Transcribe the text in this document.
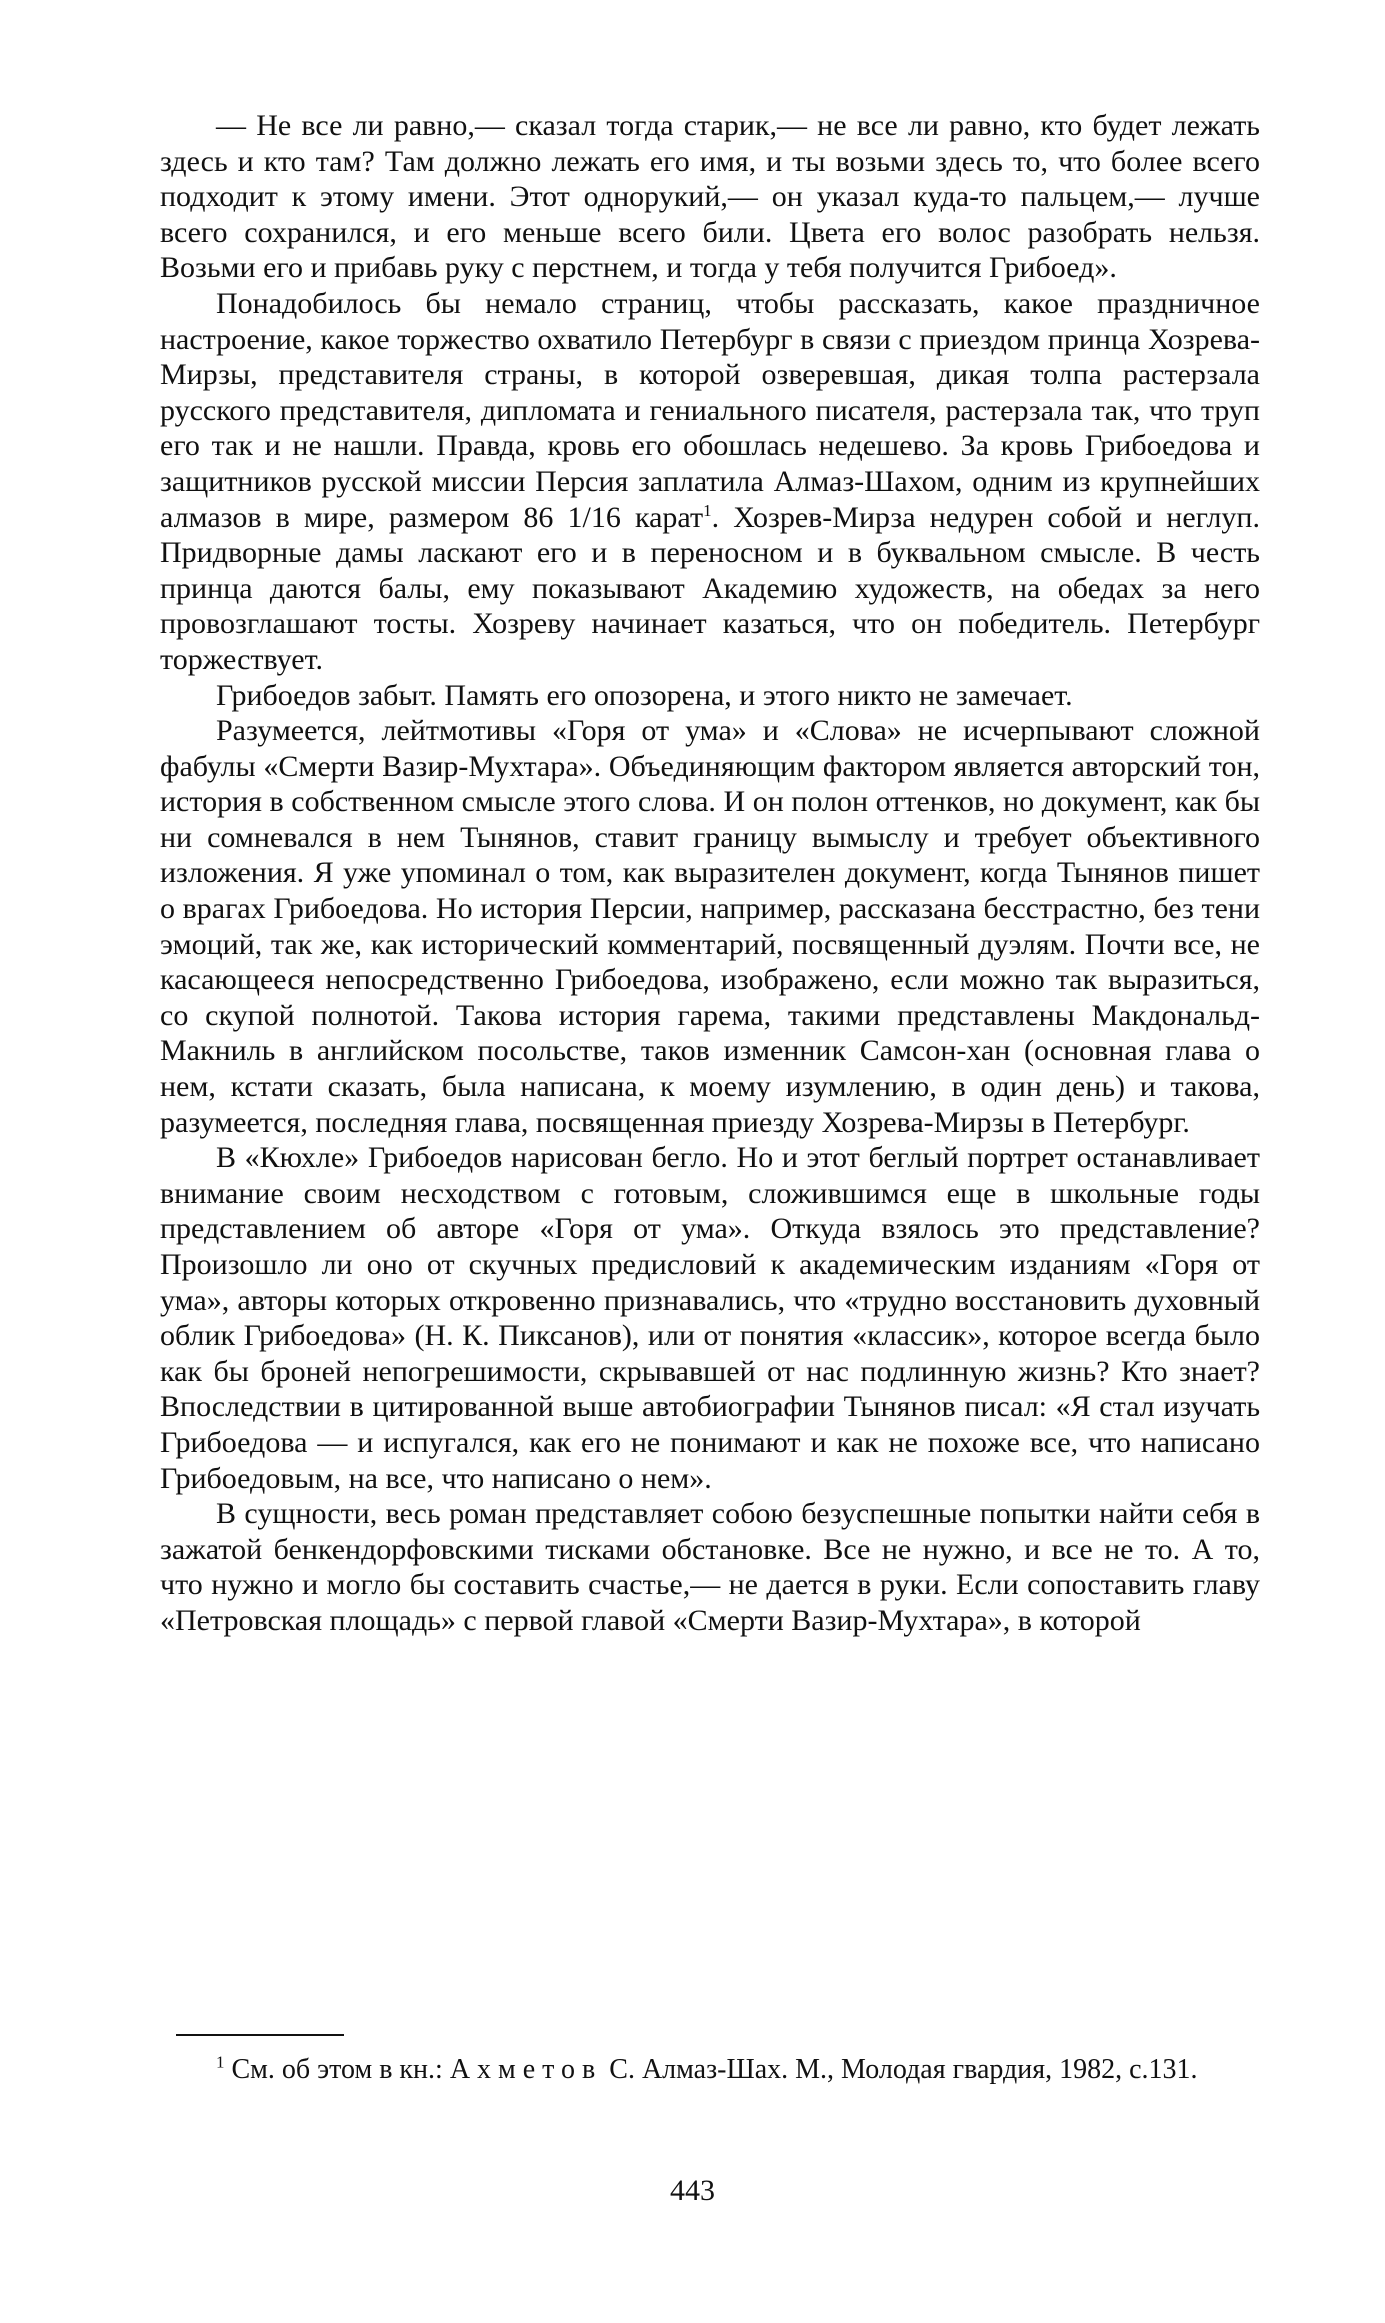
— Не все ли равно,— сказал тогда старик,— не все ли равно, кто будет лежать здесь и кто там? Там должно лежать его имя, и ты возьми здесь то, что более всего подходит к этому имени. Этот однорукий,— он указал куда-то пальцем,— лучше всего сохранился, и его меньше всего били. Цвета его волос разобрать нельзя. Возьми его и прибавь руку с перстнем, и тогда у тебя получится Грибоед».

Понадобилось бы немало страниц, чтобы рассказать, какое праздничное настроение, какое торжество охватило Петербург в связи с приездом принца Хозрева-Мирзы, представителя страны, в которой озверевшая, дикая толпа растерзала русского представителя, дипломата и гениального писателя, растерзала так, что труп его так и не нашли. Правда, кровь его обошлась недешево. За кровь Грибоедова и защитников русской миссии Персия заплатила Алмаз-Шахом, одним из крупнейших алмазов в мире, размером 86 1/16 карат$^1$. Хозрев-Мирза недурен собой и неглуп. Придворные дамы ласкают его и в переносном и в буквальном смысле. В честь принца даются балы, ему показывают Академию художеств, на обедах за него провозглашают тосты. Хозреву начинает казаться, что он победитель. Петербург торжествует.

Грибоедов забыт. Память его опозорена, и этого никто не замечает.

Разумеется, лейтмотивы «Горя от ума» и «Слова» не исчерпывают сложной фабулы «Смерти Вазир-Мухтара». Объединяющим фактором является авторский тон, история в собственном смысле этого слова. И он полон оттенков, но документ, как бы ни сомневался в нем Тынянов, ставит границу вымыслу и требует объективного изложения. Я уже упоминал о том, как выразителен документ, когда Тынянов пишет о врагах Грибоедова. Но история Персии, например, рассказана бесстрастно, без тени эмоций, так же, как исторический комментарий, посвященный дуэлям. Почти все, не касающееся непосредственно Грибоедова, изображено, если можно так выразиться, со скупой полнотой. Такова история гарема, такими представлены Макдональд-Макниль в английском посольстве, таков изменник Самсон-хан (основная глава о нем, кстати сказать, была написана, к моему изумлению, в один день) и такова, разумеется, последняя глава, посвященная приезду Хозрева-Мирзы в Петербург.

В «Кюхле» Грибоедов нарисован бегло. Но и этот беглый портрет останавливает внимание своим несходством с готовым, сложившимся еще в школьные годы представлением об авторе «Горя от ума». Откуда взялось это представление? Произошло ли оно от скучных предисловий к академическим изданиям «Горя от ума», авторы которых откровенно признавались, что «трудно восстановить духовный облик Грибоедова» (Н. К. Пиксанов), или от понятия «классик», которое всегда было как бы броней непогрешимости, скрывавшей от нас подлинную жизнь? Кто знает? Впоследствии в цитированной выше автобиографии Тынянов писал: «Я стал изучать Грибоедова — и испугался, как его не понимают и как не похоже все, что написано Грибоедовым, на все, что написано о нем».

В сущности, весь роман представляет собою безуспешные попытки найти себя в зажатой бенкендорфовскими тисками обстановке. Все не нужно, и все не то. А то, что нужно и могло бы составить счастье,— не дается в руки. Если сопоставить главу «Петровская площадь» с первой главой «Смерти Вазир-Мухтара», в которой

$^1$ См. об этом в кн.: Ахметов С. Алмаз-Шах. М., Молодая гвардия, 1982, с.131.

443
